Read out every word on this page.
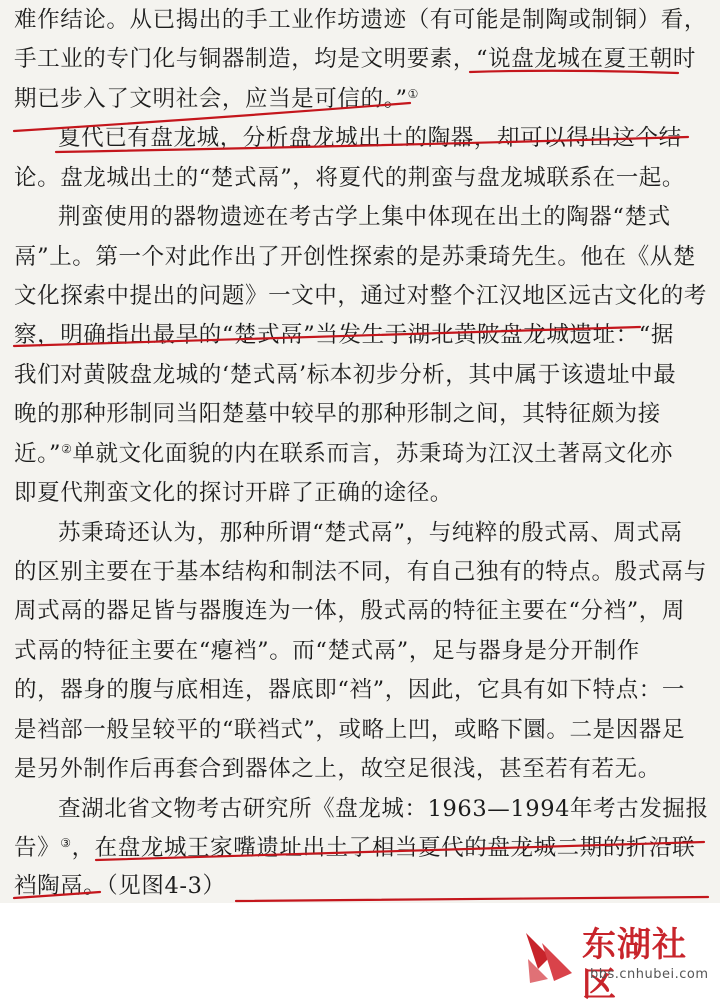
难作结论。从已揭出的手工业作坊遗迹（有可能是制陶或制铜）看，
手工业的专门化与铜器制造，均是文明要素，“说盘龙城在夏王朝时
期已步入了文明社会，应当是可信的。”①
夏代已有盘龙城，分析盘龙城出土的陶器，却可以得出这个结
论。盘龙城出土的“楚式鬲”，将夏代的荆蛮与盘龙城联系在一起。
荆蛮使用的器物遗迹在考古学上集中体现在出土的陶器“楚式
鬲”上。第一个对此作出了开创性探索的是苏秉琦先生。他在《从楚
文化探索中提出的问题》一文中，通过对整个江汉地区远古文化的考
察，明确指出最早的“楚式鬲”当发生于湖北黄陂盘龙城遗址：“据
我们对黄陂盘龙城的‘楚式鬲’标本初步分析，其中属于该遗址中最
晚的那种形制同当阳楚墓中较早的那种形制之间，其特征颇为接
近。”②单就文化面貌的内在联系而言，苏秉琦为江汉土著鬲文化亦
即夏代荆蛮文化的探讨开辟了正确的途径。
苏秉琦还认为，那种所谓“楚式鬲”，与纯粹的殷式鬲、周式鬲
的区别主要在于基本结构和制法不同，有自己独有的特点。殷式鬲与
周式鬲的器足皆与器腹连为一体，殷式鬲的特征主要在“分裆”，周
式鬲的特征主要在“瘪裆”。而“楚式鬲”，足与器身是分开制作
的，器身的腹与底相连，器底即“裆”，因此，它具有如下特点：一
是裆部一般呈较平的“联裆式”，或略上凹，或略下圜。二是因器足
是另外制作后再套合到器体之上，故空足很浅，甚至若有若无。
查湖北省文物考古研究所《盘龙城：1963—1994年考古发掘报
告》③，在盘龙城王家嘴遗址出土了相当夏代的盘龙城二期的折沿联
裆陶鬲。（见图4-3）
东湖社区
bbs.cnhubei.com
